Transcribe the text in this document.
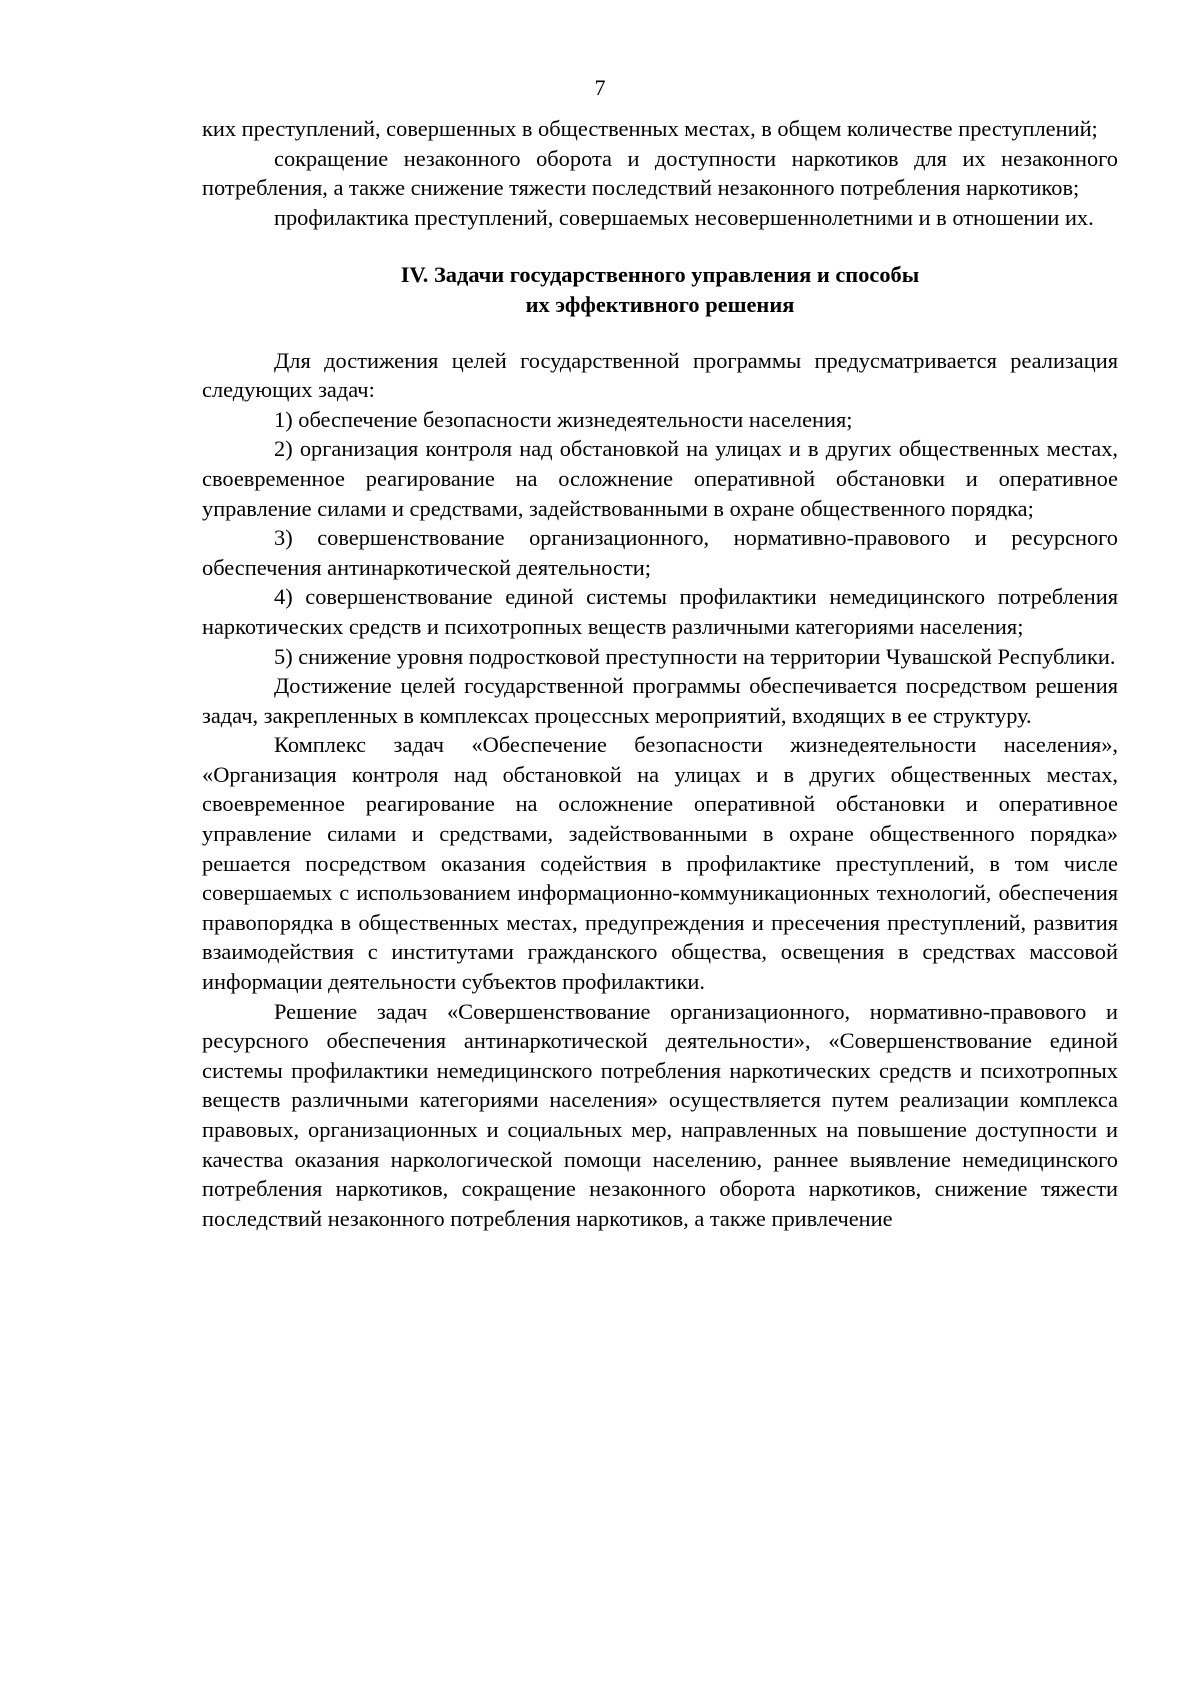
7

ких преступлений, совершенных в общественных местах, в общем количестве преступлений;

сокращение незаконного оборота и доступности наркотиков для их незаконного потребления, а также снижение тяжести последствий незаконного потребления наркотиков;

профилактика преступлений, совершаемых несовершеннолетними и в отношении их.

IV. Задачи государственного управления и способы
их эффективного решения

Для достижения целей государственной программы предусматривается реализация следующих задач:

1) обеспечение безопасности жизнедеятельности населения;

2) организация контроля над обстановкой на улицах и в других общественных местах, своевременное реагирование на осложнение оперативной обстановки и оперативное управление силами и средствами, задействованными в охране общественного порядка;

3) совершенствование организационного, нормативно-правового и ресурсного обеспечения антинаркотической деятельности;

4) совершенствование единой системы профилактики немедицинского потребления наркотических средств и психотропных веществ различными категориями населения;

5) снижение уровня подростковой преступности на территории Чувашской Республики.

Достижение целей государственной программы обеспечивается посредством решения задач, закрепленных в комплексах процессных мероприятий, входящих в ее структуру.

Комплекс задач «Обеспечение безопасности жизнедеятельности населения», «Организация контроля над обстановкой на улицах и в других общественных местах, своевременное реагирование на осложнение оперативной обстановки и оперативное управление силами и средствами, задействованными в охране общественного порядка» решается посредством оказания содействия в профилактике преступлений, в том числе совершаемых с использованием информационно-коммуникационных технологий, обеспечения правопорядка в общественных местах, предупреждения и пресечения преступлений, развития взаимодействия с институтами гражданского общества, освещения в средствах массовой информации деятельности субъектов профилактики.

Решение задач «Совершенствование организационного, нормативно-правового и ресурсного обеспечения антинаркотической деятельности», «Совершенствование единой системы профилактики немедицинского потребления наркотических средств и психотропных веществ различными категориями населения» осуществляется путем реализации комплекса правовых, организационных и социальных мер, направленных на повышение доступности и качества оказания наркологической помощи населению, раннее выявление немедицинского потребления наркотиков, сокращение незаконного оборота наркотиков, снижение тяжести последствий незаконного потребления наркотиков, а также привлечение
